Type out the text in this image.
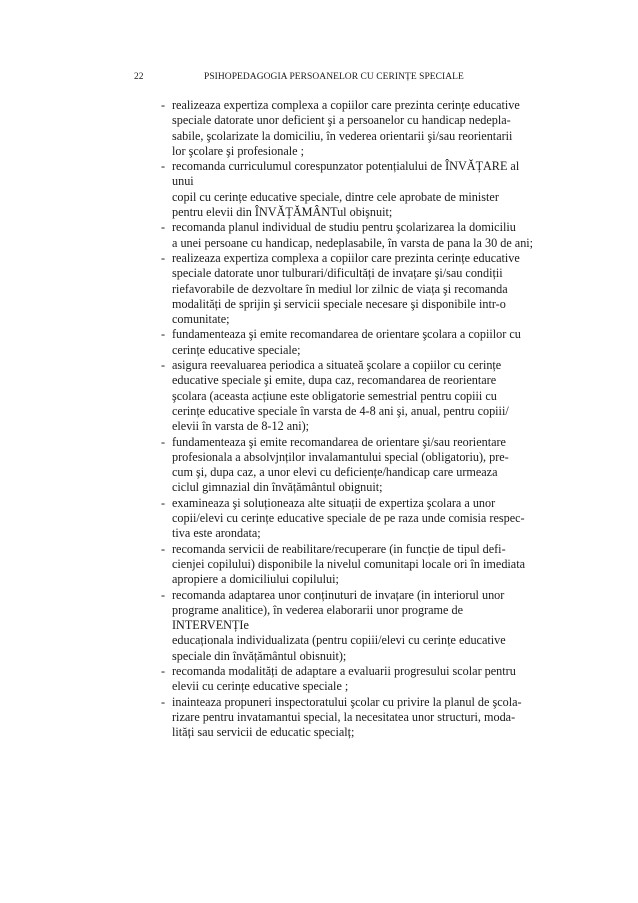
22	PSIHOPEDAGOGIA PERSOANELOR CU CERINȚE SPECIALE
- realizeaza expertiza complexa a copiilor care prezinta cerințe educative
speciale datorate unor deficient şi a persoanelor cu handicap nedepla-
sabile, şcolarizate la domiciliu, în vederea orientarii şi/sau reorientarii
lor şcolare şi profesionale ;
- recomanda curriculumul corespunzator potențialului de ÎNVĂȚARE al
unui
copil cu cerințe educative speciale, dintre cele aprobate de minister
pentru elevii din ÎNVĂȚĂMÂNTul obişnuit;
- recomanda planul individual de studiu pentru şcolarizarea la domiciliu
a unei persoane cu handicap, nedeplasabile, în varsta de pana la 30 de ani;
- realizeaza expertiza complexa a copiilor care prezinta cerințe educative
speciale datorate unor tulburari/dificultăți de invațare şi/sau condiții
riefavorabile de dezvoltare în mediul lor zilnic de viața şi recomanda
modalități de sprijin şi servicii speciale necesare şi disponibile intr-o
comunitate;
- fundamenteaza şi emite recomandarea de orientare şcolara a copiilor cu
cerințe educative speciale;
- asigura reevaluarea periodica a situateă şcolare a copiilor cu cerințe
educative speciale şi emite, dupa caz, recomandarea de reorientare
şcolara (aceasta acțiune este obligatorie semestrial pentru copiii cu
cerințe educative speciale în varsta de 4-8 ani şi, anual, pentru copiii/
elevii în varsta de 8-12 ani);
- fundamenteaza şi emite recomandarea de orientare şi/sau reorientare
profesionala a absolvjnților invalamantului special (obligatoriu), pre-
cum şi, dupa caz, a unor elevi cu deficiențe/handicap care urmeaza
ciclul gimnazial din învățământul obignuit;
- examineaza şi soluționeaza alte situații de expertiza şcolara a unor
copii/elevi cu cerințe educative speciale de pe raza unde comisia respec-
tiva este arondata;
- recomanda servicii de reabilitare/recuperare (in funcție de tipul defi-
cienjei copilului) disponibile la nivelul comunitapi locale ori în imediata
apropiere a domiciliului copilului;
- recomanda adaptarea unor conținuturi de invațare (in interiorul unor
programe analitice), în vederea elaborarii unor programe de
INTERVENȚIe
educaționala individualizata (pentru copiii/elevi cu cerințe educative
speciale din învățământul obisnuit);
- recomanda modalități de adaptare a evaluarii progresului scolar pentru
elevii cu cerințe educative speciale ;
- inainteaza propuneri inspectoratului şcolar cu privire la planul de şcola-
rizare pentru invatamantui special, la necesitatea unor structuri, moda-
lități sau servicii de educatic specialț;
